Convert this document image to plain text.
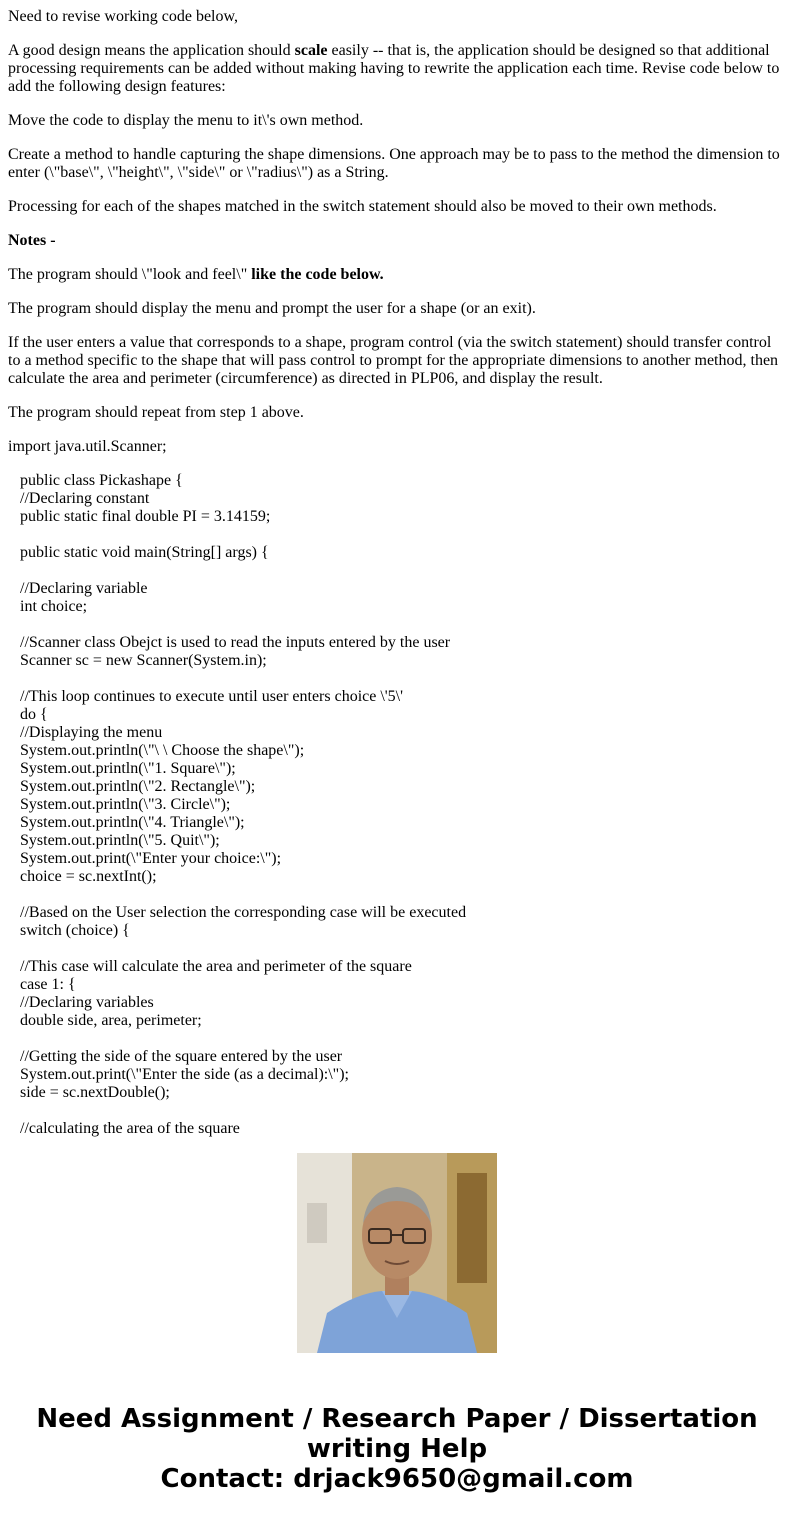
Need to revise working code below,

A good design means the application should scale easily -- that is, the application should be designed so that additional processing requirements can be added without making having to rewrite the application each time. Revise code below to add the following design features:

Move the code to display the menu to it\'s own method.

Create a method to handle capturing the shape dimensions. One approach may be to pass to the method the dimension to enter (\"base\", \"height\", \"side\" or \"radius\") as a String.

Processing for each of the shapes matched in the switch statement should also be moved to their own methods.

Notes -

The program should \"look and feel\" like the code below.

The program should display the menu and prompt the user for a shape (or an exit).

If the user enters a value that corresponds to a shape, program control (via the switch statement) should transfer control to a method specific to the shape that will pass control to prompt for the appropriate dimensions to another method, then calculate the area and perimeter (circumference) as directed in PLP06, and display the result.

The program should repeat from step 1 above.

import java.util.Scanner;

public class Pickashape {
//Declaring constant
public static final double PI = 3.14159;
public static void main(String[] args) {
//Declaring variable
int choice;
//Scanner class Obejct is used to read the inputs entered by the user
Scanner sc = new Scanner(System.in);
//This loop continues to execute until user enters choice \'5\'
do {
//Displaying the menu
System.out.println(\"\ \ Choose the shape\");
System.out.println(\"1. Square\");
System.out.println(\"2. Rectangle\");
System.out.println(\"3. Circle\");
System.out.println(\"4. Triangle\");
System.out.println(\"5. Quit\");
System.out.print(\"Enter your choice:\");
choice = sc.nextInt();
//Based on the User selection the corresponding case will be executed
switch (choice) {
//This case will calculate the area and perimeter of the square
case 1: {
//Declaring variables
double side, area, perimeter;
//Getting the side of the square entered by the user
System.out.print(\"Enter the side (as a decimal):\");
side = sc.nextDouble();
//calculating the area of the square
Need Assignment / Research Paper / Dissertation
writing Help
Contact: drjack9650@gmail.com
